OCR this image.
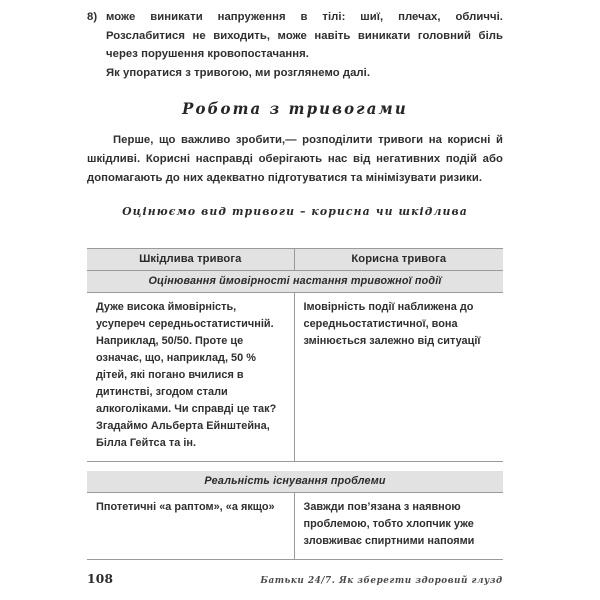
8) може виникати напруження в тілі: шиї, плечах, обличчі. Розслабитися не виходить, може навіть виникати головний біль через порушення кровопостачання.

Як упоратися з тривогою, ми розглянемо далі.

Робота з тривогами

Перше, що важливо зробити,— розподілити тривоги на корисні й шкідливі. Корисні насправді оберігають нас від негативних подій або допомагають до них адекватно підготуватися та мінімізувати ризики.

Оцінюємо вид тривоги – корисна чи шкідлива
Шкідлива тривога	Корисна тривога
Оцінювання ймовірності настання тривожної події	
Дуже висока ймовірність, усупереч середньостатистичній. Наприклад, 50/50. Проте це означає, що, наприклад, 50 % дітей, які погано вчилися в дитинстві, згодом стали алкоголіками. Чи справді це так? Згадаймо Альберта Ейнштейна, Білла Гейтса та ін.	Імовірність події наближена до середньостатистичної, вона змінюється залежно від ситуації

Реальність існування проблеми	
Ппотетичні «а раптом», «а якщо»	Завжди пов’язана з наявною проблемою, тобто хлопчик уже зловживає спиртними напоями
108	Батьки 24/7. Як зберегти здоровий глузд
